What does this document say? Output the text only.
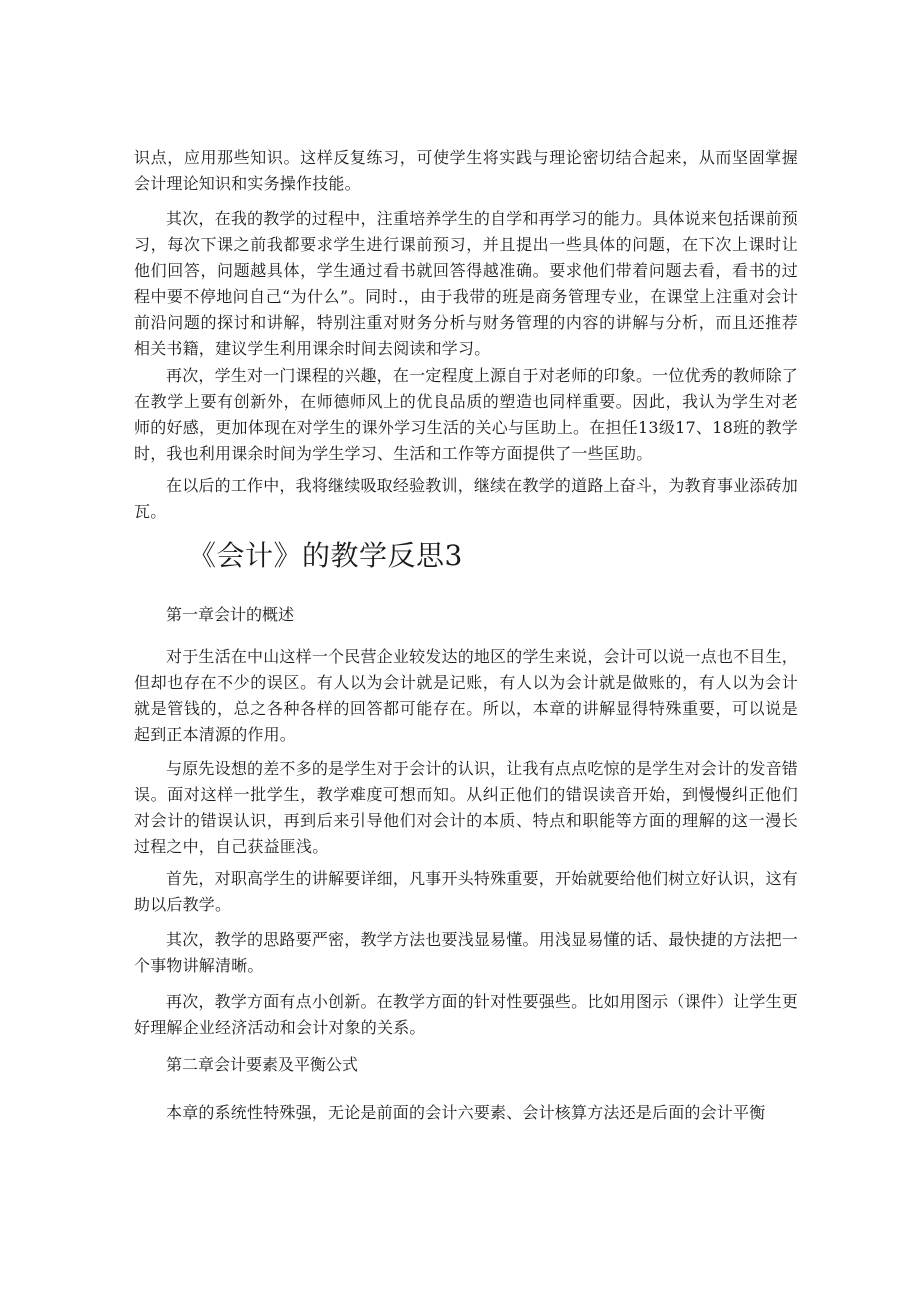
识点，应用那些知识。这样反复练习，可使学生将实践与理论密切结合起来，从而坚固掌握会计理论知识和实务操作技能。

其次，在我的教学的过程中，注重培养学生的自学和再学习的能力。具体说来包括课前预习，每次下课之前我都要求学生进行课前预习，并且提出一些具体的问题，在下次上课时让他们回答，问题越具体，学生通过看书就回答得越准确。要求他们带着问题去看，看书的过程中要不停地问自己“为什么”。同时.，由于我带的班是商务管理专业，在课堂上注重对会计前沿问题的探讨和讲解，特别注重对财务分析与财务管理的内容的讲解与分析，而且还推荐相关书籍，建议学生利用课余时间去阅读和学习。

再次，学生对一门课程的兴趣，在一定程度上源自于对老师的印象。一位优秀的教师除了在教学上要有创新外，在师德师风上的优良品质的塑造也同样重要。因此，我认为学生对老师的好感，更加体现在对学生的课外学习生活的关心与匡助上。在担任13级17、18班的教学时，我也利用课余时间为学生学习、生活和工作等方面提供了一些匡助。

在以后的工作中，我将继续吸取经验教训，继续在教学的道路上奋斗，为教育事业添砖加瓦。

《会计》的教学反思3

第一章会计的概述

对于生活在中山这样一个民营企业较发达的地区的学生来说，会计可以说一点也不目生，但却也存在不少的误区。有人以为会计就是记账，有人以为会计就是做账的，有人以为会计就是管钱的，总之各种各样的回答都可能存在。所以，本章的讲解显得特殊重要，可以说是起到正本清源的作用。

与原先设想的差不多的是学生对于会计的认识，让我有点点吃惊的是学生对会计的发音错误。面对这样一批学生，教学难度可想而知。从纠正他们的错误读音开始，到慢慢纠正他们对会计的错误认识，再到后来引导他们对会计的本质、特点和职能等方面的理解的这一漫长过程之中，自己获益匪浅。

首先，对职高学生的讲解要详细，凡事开头特殊重要，开始就要给他们树立好认识，这有助以后教学。

其次，教学的思路要严密，教学方法也要浅显易懂。用浅显易懂的话、最快捷的方法把一个事物讲解清晰。

再次，教学方面有点小创新。在教学方面的针对性要强些。比如用图示（课件）让学生更好理解企业经济活动和会计对象的关系。

第二章会计要素及平衡公式

本章的系统性特殊强，无论是前面的会计六要素、会计核算方法还是后面的会计平衡
